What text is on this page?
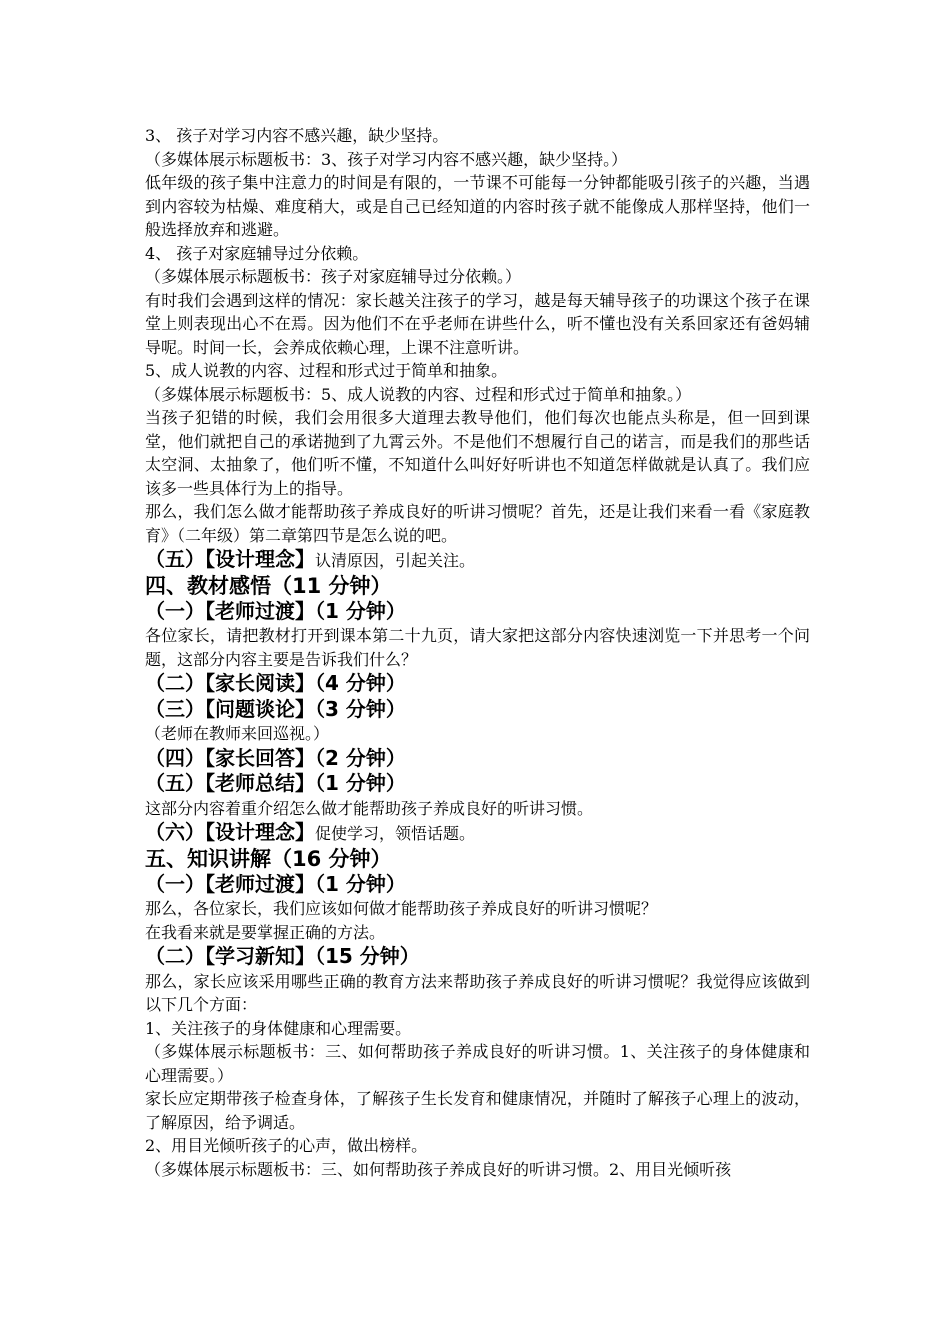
3、 孩子对学习内容不感兴趣，缺少坚持。

（多媒体展示标题板书：3、孩子对学习内容不感兴趣，缺少坚持。）

低年级的孩子集中注意力的时间是有限的，一节课不可能每一分钟都能吸引孩子的兴趣，当遇到内容较为枯燥、难度稍大，或是自己已经知道的内容时孩子就不能像成人那样坚持，他们一般选择放弃和逃避。

4、 孩子对家庭辅导过分依赖。

（多媒体展示标题板书：孩子对家庭辅导过分依赖。）

有时我们会遇到这样的情况：家长越关注孩子的学习，越是每天辅导孩子的功课这个孩子在课堂上则表现出心不在焉。因为他们不在乎老师在讲些什么，听不懂也没有关系回家还有爸妈辅导呢。时间一长，会养成依赖心理，上课不注意听讲。

5、成人说教的内容、过程和形式过于简单和抽象。

（多媒体展示标题板书：5、成人说教的内容、过程和形式过于简单和抽象。）

当孩子犯错的时候，我们会用很多大道理去教导他们，他们每次也能点头称是，但一回到课堂，他们就把自己的承诺抛到了九霄云外。不是他们不想履行自己的诺言，而是我们的那些话太空洞、太抽象了，他们听不懂，不知道什么叫好好听讲也不知道怎样做就是认真了。我们应该多一些具体行为上的指导。

那么，我们怎么做才能帮助孩子养成良好的听讲习惯呢？首先，还是让我们来看一看《家庭教育》（二年级）第二章第四节是怎么说的吧。

（五）【设计理念】认清原因，引起关注。

四、教材感悟（11 分钟）

（一）【老师过渡】（1 分钟）

各位家长，请把教材打开到课本第二十九页，请大家把这部分内容快速浏览一下并思考一个问题，这部分内容主要是告诉我们什么？

（二）【家长阅读】（4 分钟）

（三）【问题谈论】（3 分钟）

（老师在教师来回巡视。）

（四）【家长回答】（2 分钟）

（五）【老师总结】（1 分钟）

这部分内容着重介绍怎么做才能帮助孩子养成良好的听讲习惯。

（六）【设计理念】促使学习，领悟话题。

五、知识讲解（16 分钟）

（一）【老师过渡】（1 分钟）

那么，各位家长，我们应该如何做才能帮助孩子养成良好的听讲习惯呢？

在我看来就是要掌握正确的方法。

（二）【学习新知】（15 分钟）

那么，家长应该采用哪些正确的教育方法来帮助孩子养成良好的听讲习惯呢？我觉得应该做到以下几个方面：

1、关注孩子的身体健康和心理需要。

（多媒体展示标题板书：三、如何帮助孩子养成良好的听讲习惯。1、关注孩子的身体健康和心理需要。）

家长应定期带孩子检查身体，了解孩子生长发育和健康情况，并随时了解孩子心理上的波动，了解原因，给予调适。

2、用目光倾听孩子的心声，做出榜样。

（多媒体展示标题板书：三、如何帮助孩子养成良好的听讲习惯。2、用目光倾听孩
